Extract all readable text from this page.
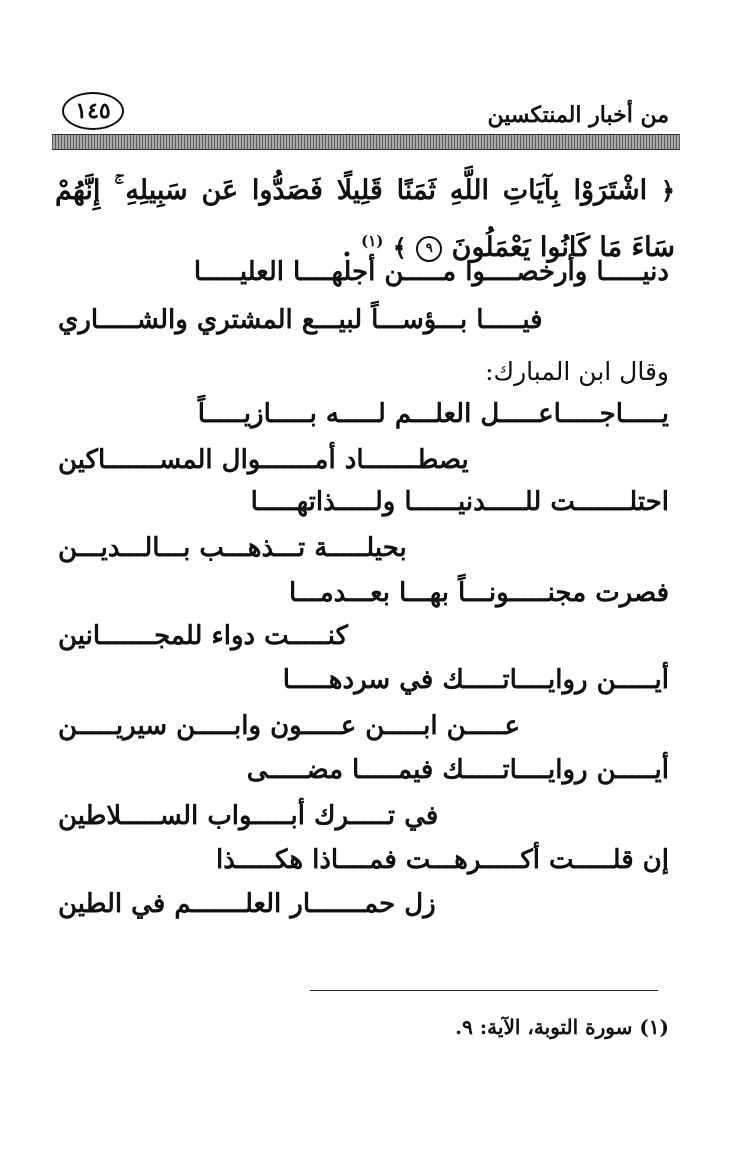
من أخبار المنتكسين
١٤٥
﴿ اشْتَرَوْا بِآيَاتِ اللَّهِ ثَمَنًا قَلِيلًا فَصَدُّوا عَن سَبِيلِهِ ۚ إِنَّهُمْ سَاءَ مَا كَانُوا يَعْمَلُونَ ٩ ﴾ $^{(١)}$ .
دنيـــــا وأرخصــــوا مـــــن أجلهــــا العليـــــا
فيـــــا بـــؤســـاً لبيـــع المشتري والشـــــاري
وقال ابن المبارك:
يـــــاجـــــاعـــــل العلـــم لـــــه بـــــازيـــــاً
يصطـــــــاد أمـــــــوال المســـــــاكين
احتلـــــــت للـــــدنيــــــا ولـــــذاتهـــــا
بحيلـــــة تـــذهـــب بـــالـــديـــن
فصرت مجنـــــونـــاً بهـــا بعـــدمـــا
كنـــــت دواء للمجـــــــانين
أيـــــن روايــــاتـــــك في سردهـــــا
عـــــن ابـــــن عـــــون وابـــــن سيريـــــن
أيـــــن روايــــاتـــــك فيمـــــا مضـــــى
في تـــــرك أبـــــواب الســـــلاطين
إن قلـــــت أكـــــرهـــت فمــــاذا هكـــــذا
زل حمـــــــار العلـــــــم في الطين
(١) سورة التوبة، الآية: ٩.
